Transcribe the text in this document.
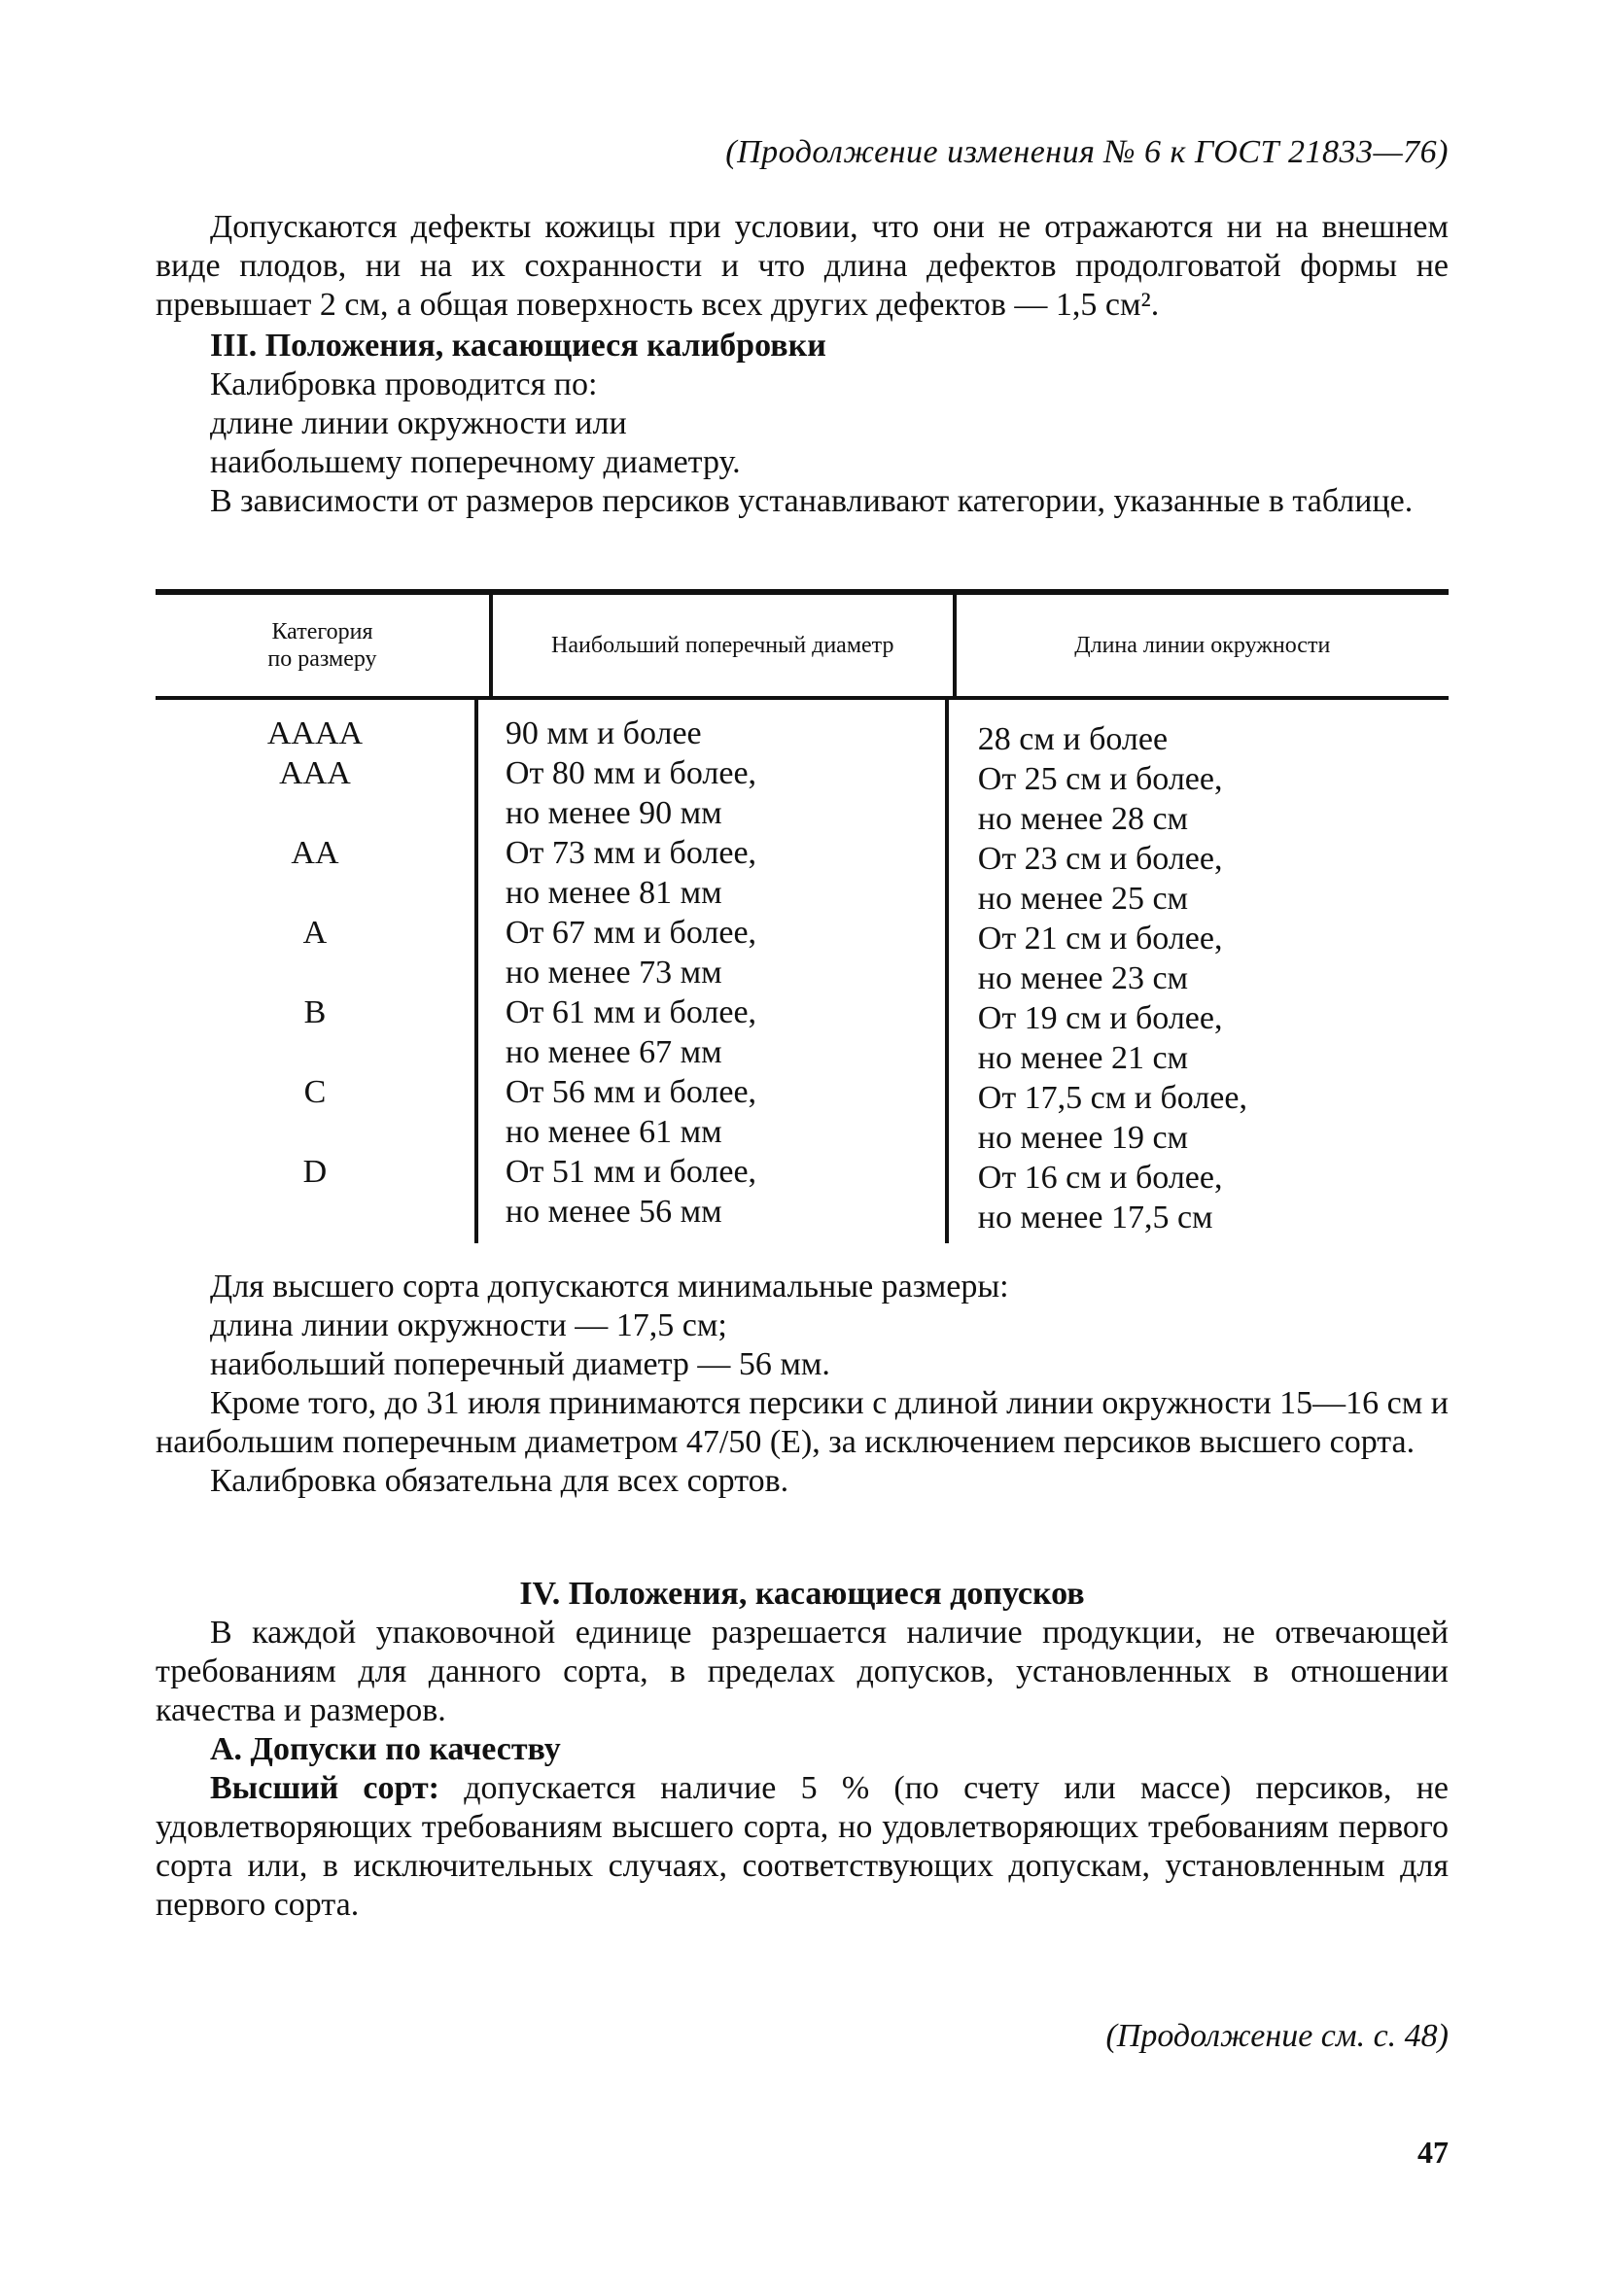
(Продолжение изменения № 6 к ГОСТ 21833—76)
Допускаются дефекты кожицы при условии, что они не отражаются ни на внешнем виде плодов, ни на их сохранности и что длина дефектов продолговатой формы не превышает 2 см, а общая поверхность всех других дефектов — 1,5 см².
III. Положения, касающиеся калибровки
Калибровка проводится по:
длине линии окружности или
наибольшему поперечному диаметру.

В зависимости от размеров персиков устанавливают категории, указанные в таблице.

Категория по размеру
Наибольший поперечный диаметр	Длина линии окружности
АААА
ААА
АА
А
В
С
D
90 мм и более
От 80 мм и более,
но менее 90 мм
От 73 мм и более,
но менее 81 мм
От 67 мм и более,
но менее 73 мм
От 61 мм и более,
но менее 67 мм
От 56 мм и более,
но менее 61 мм
От 51 мм и более,
но менее 56 мм
28 см и более
От 25 см и более,
но менее 28 см
От 23 см и более,
но менее 25 см
От 21 см и более,
но менее 23 см
От 19 см и более,
но менее 21 см
От 17,5 см и более,
но менее 19 см
От 16 см и более,
но менее 17,5 см
Для высшего сорта допускаются минимальные размеры:
длина линии окружности — 17,5 см;
наибольший поперечный диаметр — 56 мм.

Кроме того, до 31 июля принимаются персики с длиной линии окружности 15—16 см и наибольшим поперечным диаметром 47/50 (Е), за исключением персиков высшего сорта.

Калибровка обязательна для всех сортов.

IV. Положения, касающиеся допусков

В каждой упаковочной единице разрешается наличие продукции, не отвечающей требованиям для данного сорта, в пределах допусков, установленных в отношении качества и размеров.

А. Допуски по качеству

Высший сорт: допускается наличие 5 % (по счету или массе) персиков, не удовлетворяющих требованиям высшего сорта, но удовлетворяющих требованиям первого сорта или, в исключительных случаях, соответствующих допускам, установленным для первого сорта.

(Продолжение см. с. 48)
47
